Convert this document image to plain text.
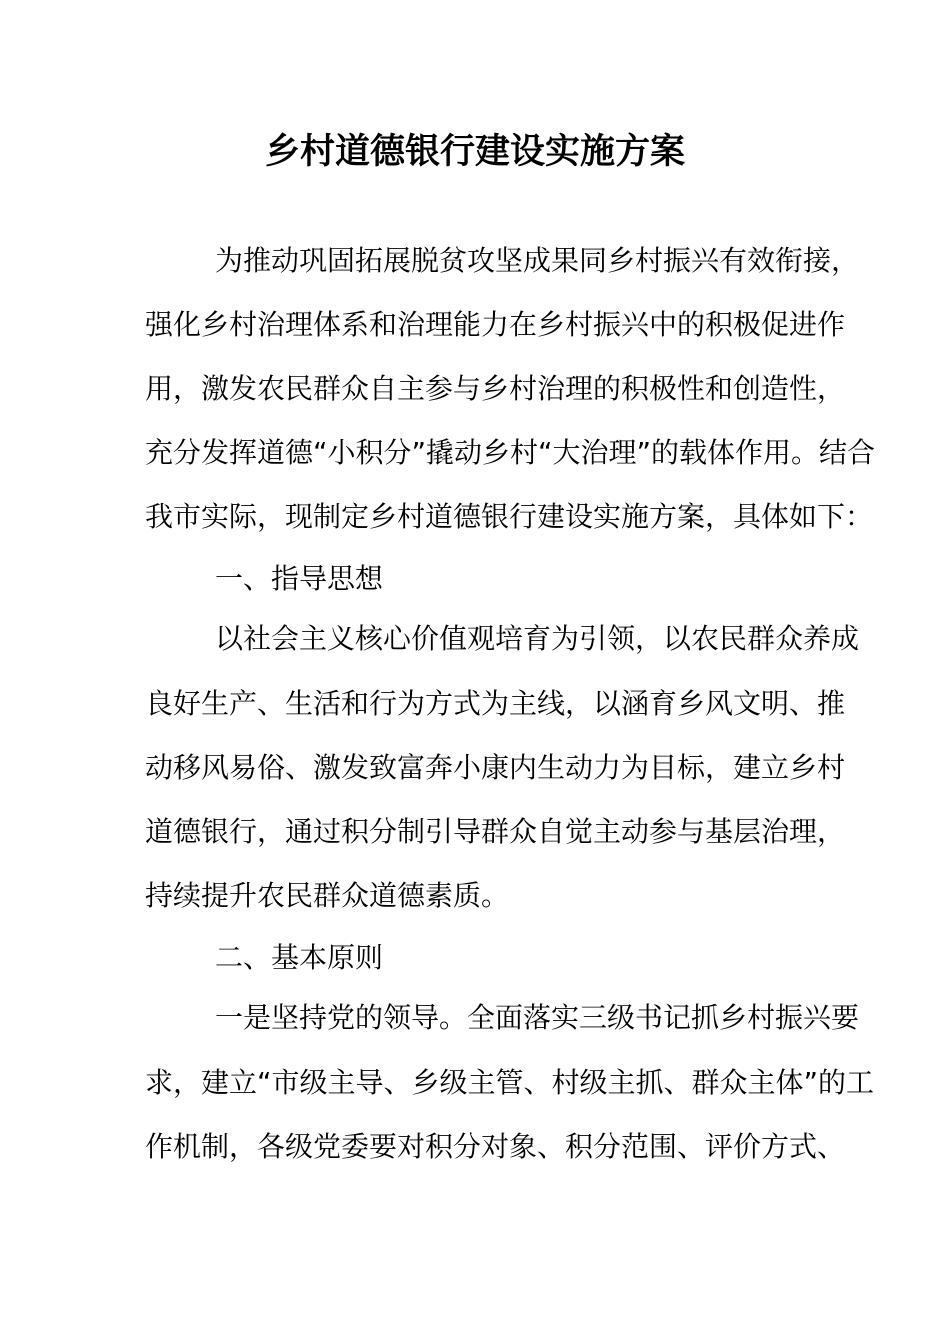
乡村道德银行建设实施方案
为推动巩固拓展脱贫攻坚成果同乡村振兴有效衔接，
强化乡村治理体系和治理能力在乡村振兴中的积极促进作
用，激发农民群众自主参与乡村治理的积极性和创造性，
充分发挥道德“小积分”撬动乡村“大治理”的载体作用。结合
我市实际，现制定乡村道德银行建设实施方案，具体如下：
一、指导思想
以社会主义核心价值观培育为引领，以农民群众养成
良好生产、生活和行为方式为主线，以涵育乡风文明、推
动移风易俗、激发致富奔小康内生动力为目标，建立乡村
道德银行，通过积分制引导群众自觉主动参与基层治理，
持续提升农民群众道德素质。
二、基本原则
一是坚持党的领导。全面落实三级书记抓乡村振兴要
求，建立“市级主导、乡级主管、村级主抓、群众主体”的工
作机制，各级党委要对积分对象、积分范围、评价方式、
